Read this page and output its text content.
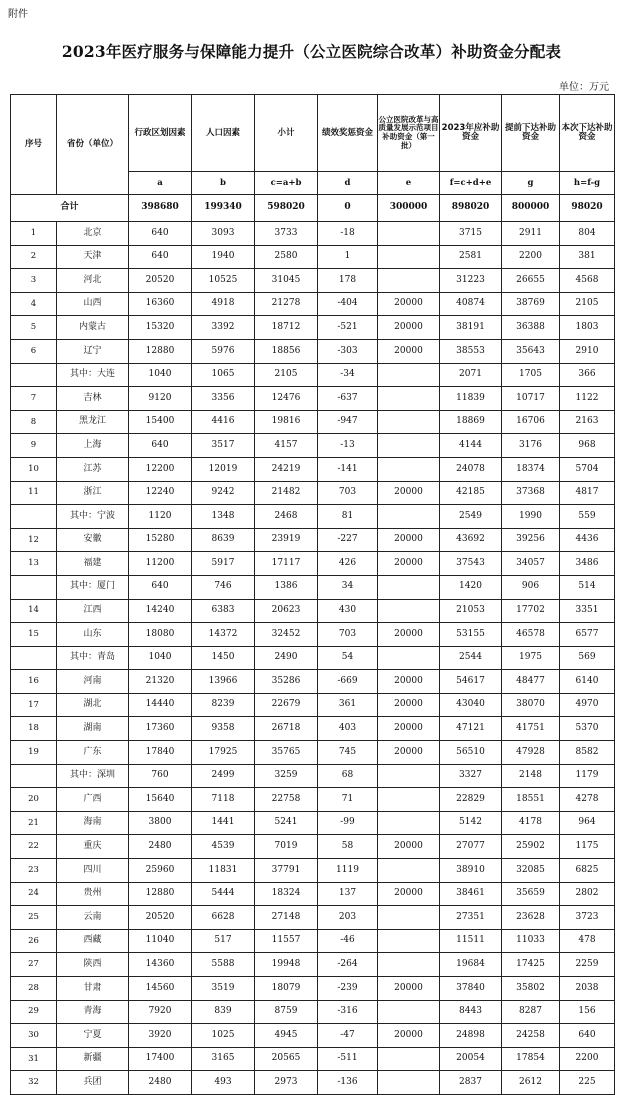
附件
2023年医疗服务与保障能力提升（公立医院综合改革）补助资金分配表
单位：万元
序号	省份（单位）	行政区划因素	人口因素	小计	绩效奖惩资金	公立医院改革与高质量发展示范项目补助资金（第一批）	2023年应补助资金	提前下达补助资金	本次下达补助资金
		a	b	c=a+b	d	e	f=c+d+e	g	h=f-g
合计		398680	199340	598020	0	300000	898020	800000	98020
1	北京	640	3093	3733	-18		3715	2911	804
2	天津	640	1940	2580	1		2581	2200	381
3	河北	20520	10525	31045	178		31223	26655	4568
4	山西	16360	4918	21278	-404	20000	40874	38769	2105
5	内蒙古	15320	3392	18712	-521	20000	38191	36388	1803
6	辽宁	12880	5976	18856	-303	20000	38553	35643	2910
	其中：大连	1040	1065	2105	-34		2071	1705	366
7	吉林	9120	3356	12476	-637		11839	10717	1122
8	黑龙江	15400	4416	19816	-947		18869	16706	2163
9	上海	640	3517	4157	-13		4144	3176	968
10	江苏	12200	12019	24219	-141		24078	18374	5704
11	浙江	12240	9242	21482	703	20000	42185	37368	4817
	其中：宁波	1120	1348	2468	81		2549	1990	559
12	安徽	15280	8639	23919	-227	20000	43692	39256	4436
13	福建	11200	5917	17117	426	20000	37543	34057	3486
	其中：厦门	640	746	1386	34		1420	906	514
14	江西	14240	6383	20623	430		21053	17702	3351
15	山东	18080	14372	32452	703	20000	53155	46578	6577
	其中：青岛	1040	1450	2490	54		2544	1975	569
16	河南	21320	13966	35286	-669	20000	54617	48477	6140
17	湖北	14440	8239	22679	361	20000	43040	38070	4970
18	湖南	17360	9358	26718	403	20000	47121	41751	5370
19	广东	17840	17925	35765	745	20000	56510	47928	8582
	其中：深圳	760	2499	3259	68		3327	2148	1179
20	广西	15640	7118	22758	71		22829	18551	4278
21	海南	3800	1441	5241	-99		5142	4178	964
22	重庆	2480	4539	7019	58	20000	27077	25902	1175
23	四川	25960	11831	37791	1119		38910	32085	6825
24	贵州	12880	5444	18324	137	20000	38461	35659	2802
25	云南	20520	6628	27148	203		27351	23628	3723
26	西藏	11040	517	11557	-46		11511	11033	478
27	陕西	14360	5588	19948	-264		19684	17425	2259
28	甘肃	14560	3519	18079	-239	20000	37840	35802	2038
29	青海	7920	839	8759	-316		8443	8287	156
30	宁夏	3920	1025	4945	-47	20000	24898	24258	640
31	新疆	17400	3165	20565	-511		20054	17854	2200
32	兵团	2480	493	2973	-136		2837	2612	225
